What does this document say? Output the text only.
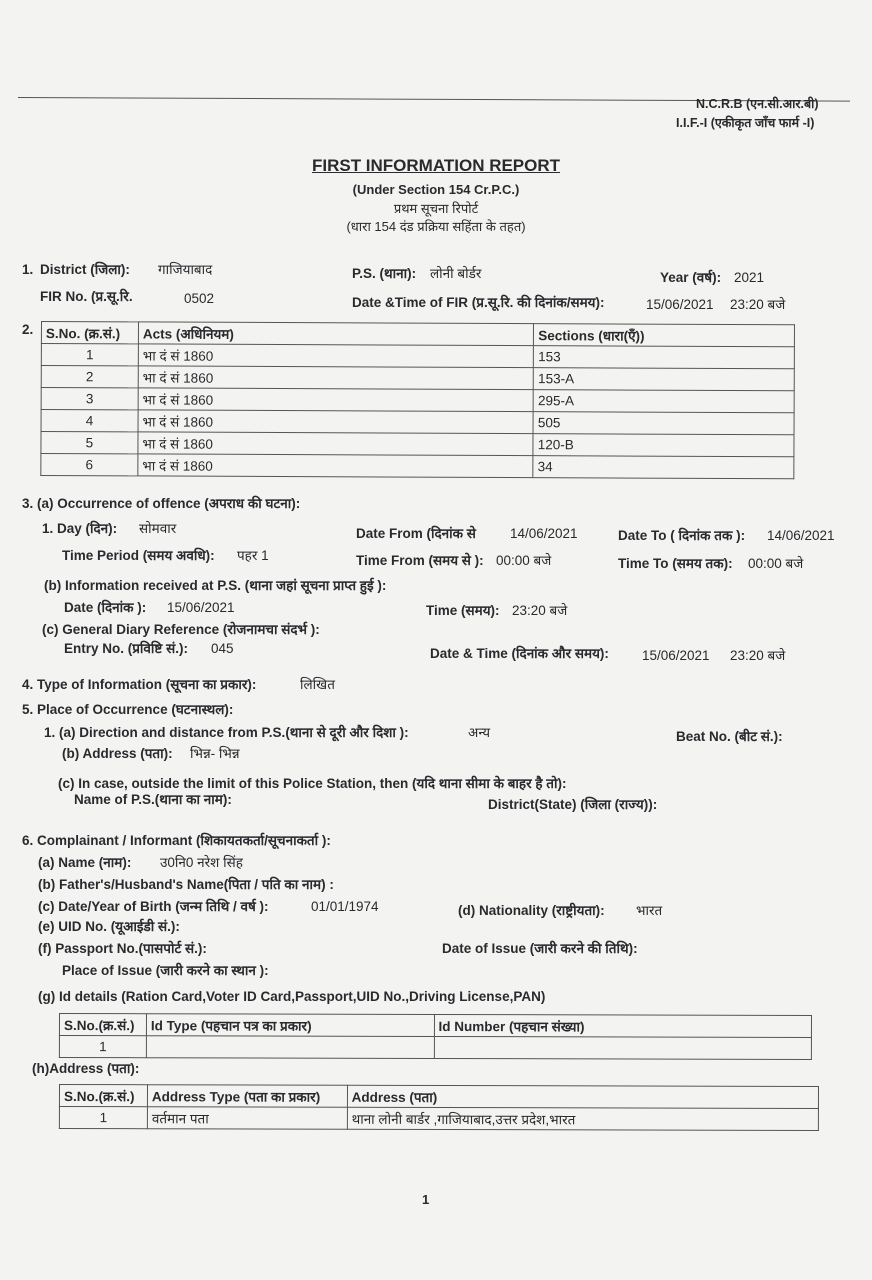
N.C.R.B (एन.सी.आर.बी)
I.I.F.-I (एकीकृत जाँच फार्म -I)
FIRST INFORMATION REPORT
(Under Section 154 Cr.P.C.)
प्रथम सूचना रिपोर्ट
(धारा 154 दंड प्रक्रिया सहिंता के तहत)
1. District (जिला): गाजियाबाद	P.S. (थाना): लोनी बोर्डर	Year (वर्ष): 2021
FIR No. (प्र.सू.रि.	0502	Date &Time of FIR (प्र.सू.रि. की दिनांक/समय):	15/06/2021 23:20 बजे
2. S.No. (क्र.सं.)	Acts (अधिनियम)	Sections (धारा(एँ))
1	भा दं सं 1860	153
2	भा दं सं 1860	153-A
3	भा दं सं 1860	295-A
4	भा दं सं 1860	505
5	भा दं सं 1860	120-B
6	भा दं सं 1860	34
3. (a) Occurrence of offence (अपराध की घटना):
1. Day (दिन): सोमवार	Date From (दिनांक से	14/06/2021	Date To ( दिनांक तक ): 14/06/2021
Time Period (समय अवधि): पहर 1	Time From (समय से ): 00:00 बजे	Time To (समय तक): 00:00 बजे
(b) Information received at P.S. (थाना जहां सूचना प्राप्त हुई ):
Date (दिनांक ): 15/06/2021	Time (समय): 23:20 बजे
(c) General Diary Reference (रोजनामचा संदर्भ ):
Entry No. (प्रविष्टि सं.): 045	Date & Time (दिनांक और समय): 15/06/2021 23:20 बजे
4. Type of Information (सूचना का प्रकार):	लिखित
5. Place of Occurrence (घटनास्थल):
1. (a) Direction and distance from P.S.(थाना से दूरी और दिशा ):	अन्य	Beat No. (बीट सं.):
(b) Address (पता): भिन्न- भिन्न
(c) In case, outside the limit of this Police Station, then (यदि थाना सीमा के बाहर है तो):
Name of P.S.(थाना का नाम):	District(State) (जिला (राज्य)):
6. Complainant / Informant (शिकायतकर्ता/सूचनाकर्ता ):
(a) Name (नाम): उ0नि0 नरेश सिंह
(b) Father's/Husband's Name(पिता / पति का नाम) :
(c) Date/Year of Birth (जन्म तिथि / वर्ष ):	01/01/1974	(d) Nationality (राष्ट्रीयता): भारत
(e) UID No. (यूआईडी सं.):
(f) Passport No.(पासपोर्ट सं.):	Date of Issue (जारी करने की तिथि):
Place of Issue (जारी करने का स्थान ):
(g) Id details (Ration Card,Voter ID Card,Passport,UID No.,Driving License,PAN)
S.No.(क्र.सं.)	Id Type (पहचान पत्र का प्रकार)	Id Number (पहचान संख्या)
1		
(h)Address (पता):
S.No.(क्र.सं.)	Address Type (पता का प्रकार)	Address (पता)
1	वर्तमान पता	थाना लोनी बार्डर ,गाजियाबाद,उत्तर प्रदेश,भारत
1
